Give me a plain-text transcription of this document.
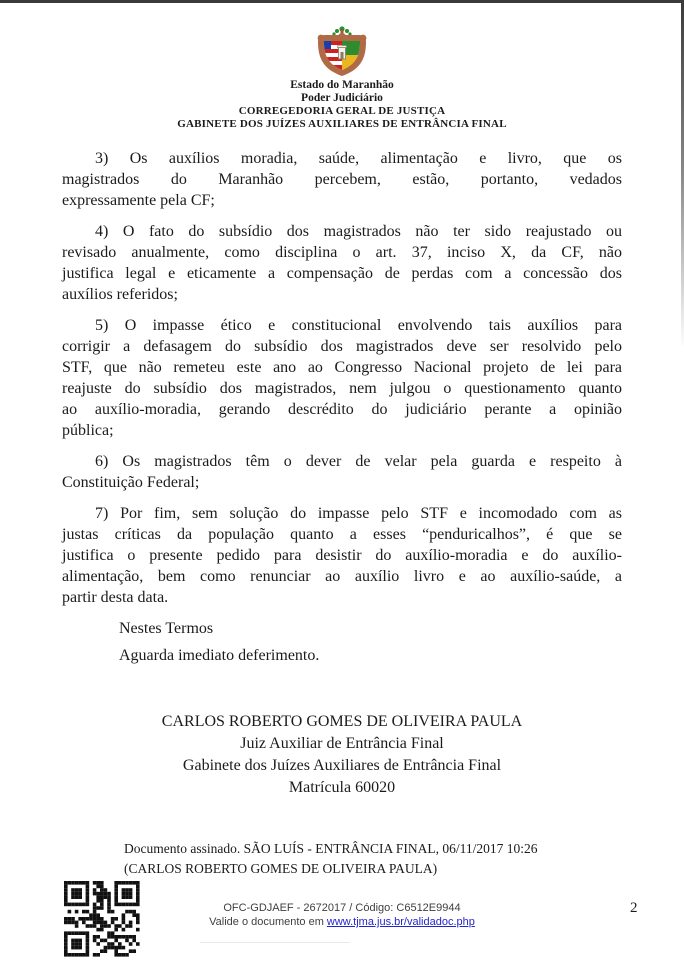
Estado do Maranhão
Poder Judiciário
CORREGEDORIA GERAL DE JUSTIÇA
GABINETE DOS JUÍZES AUXILIARES DE ENTRÂNCIA FINAL

3) Os auxílios moradia, saúde, alimentação e livro, que os
magistrados do Maranhão percebem, estão, portanto, vedados
expressamente pela CF;

4) O fato do subsídio dos magistrados não ter sido reajustado ou
revisado anualmente, como disciplina o art. 37, inciso X, da CF, não
justifica legal e eticamente a compensação de perdas com a concessão dos
auxílios referidos;

5) O impasse ético e constitucional envolvendo tais auxílios para
corrigir a defasagem do subsídio dos magistrados deve ser resolvido pelo
STF, que não remeteu este ano ao Congresso Nacional projeto de lei para
reajuste do subsídio dos magistrados, nem julgou o questionamento quanto
ao auxílio-moradia, gerando descrédito do judiciário perante a opinião
pública;

6) Os magistrados têm o dever de velar pela guarda e respeito à
Constituição Federal;

7) Por fim, sem solução do impasse pelo STF e incomodado com as
justas críticas da população quanto a esses “penduricalhos”, é que se
justifica o presente pedido para desistir do auxílio-moradia e do auxílio-
alimentação, bem como renunciar ao auxílio livro e ao auxílio-saúde, a
partir desta data.

Nestes Termos

Aguarda imediato deferimento.

CARLOS ROBERTO GOMES DE OLIVEIRA PAULA
Juiz Auxiliar de Entrância Final
Gabinete dos Juízes Auxiliares de Entrância Final
Matrícula 60020
Documento assinado. SÃO LUÍS - ENTRÂNCIA FINAL, 06/11/2017 10:26 (CARLOS ROBERTO GOMES DE OLIVEIRA PAULA)
OFC-GDJAEF - 2672017 / Código: C6512E9944
Valide o documento em www.tjma.jus.br/validadoc.php
2
